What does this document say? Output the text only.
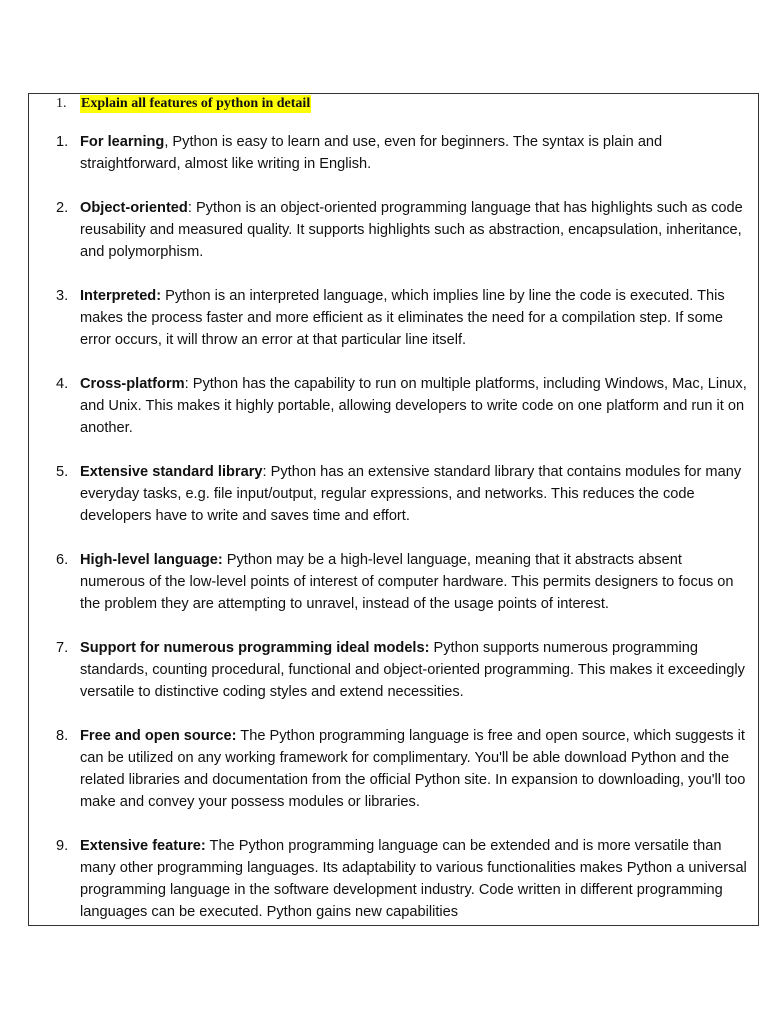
1. Explain all features of python in detail
1. For learning, Python is easy to learn and use, even for beginners. The syntax is plain and straightforward, almost like writing in English.
2. Object-oriented: Python is an object-oriented programming language that has highlights such as code reusability and measured quality. It supports highlights such as abstraction, encapsulation, inheritance, and polymorphism.
3. Interpreted: Python is an interpreted language, which implies line by line the code is executed. This makes the process faster and more efficient as it eliminates the need for a compilation step. If some error occurs, it will throw an error at that particular line itself.
4. Cross-platform: Python has the capability to run on multiple platforms, including Windows, Mac, Linux, and Unix. This makes it highly portable, allowing developers to write code on one platform and run it on another.
5. Extensive standard library: Python has an extensive standard library that contains modules for many everyday tasks, e.g. file input/output, regular expressions, and networks. This reduces the code developers have to write and saves time and effort.
6. High-level language: Python may be a high-level language, meaning that it abstracts absent numerous of the low-level points of interest of computer hardware. This permits designers to focus on the problem they are attempting to unravel, instead of the usage points of interest.
7. Support for numerous programming ideal models: Python supports numerous programming standards, counting procedural, functional and object-oriented programming. This makes it exceedingly versatile to distinctive coding styles and extend necessities.
8. Free and open source: The Python programming language is free and open source, which suggests it can be utilized on any working framework for complimentary. You'll be able download Python and the related libraries and documentation from the official Python site. In expansion to downloading, you'll too make and convey your possess modules or libraries.
9. Extensive feature: The Python programming language can be extended and is more versatile than many other programming languages. Its adaptability to various functionalities makes Python a universal programming language in the software development industry. Code written in different programming languages can be executed. Python gains new capabilities
